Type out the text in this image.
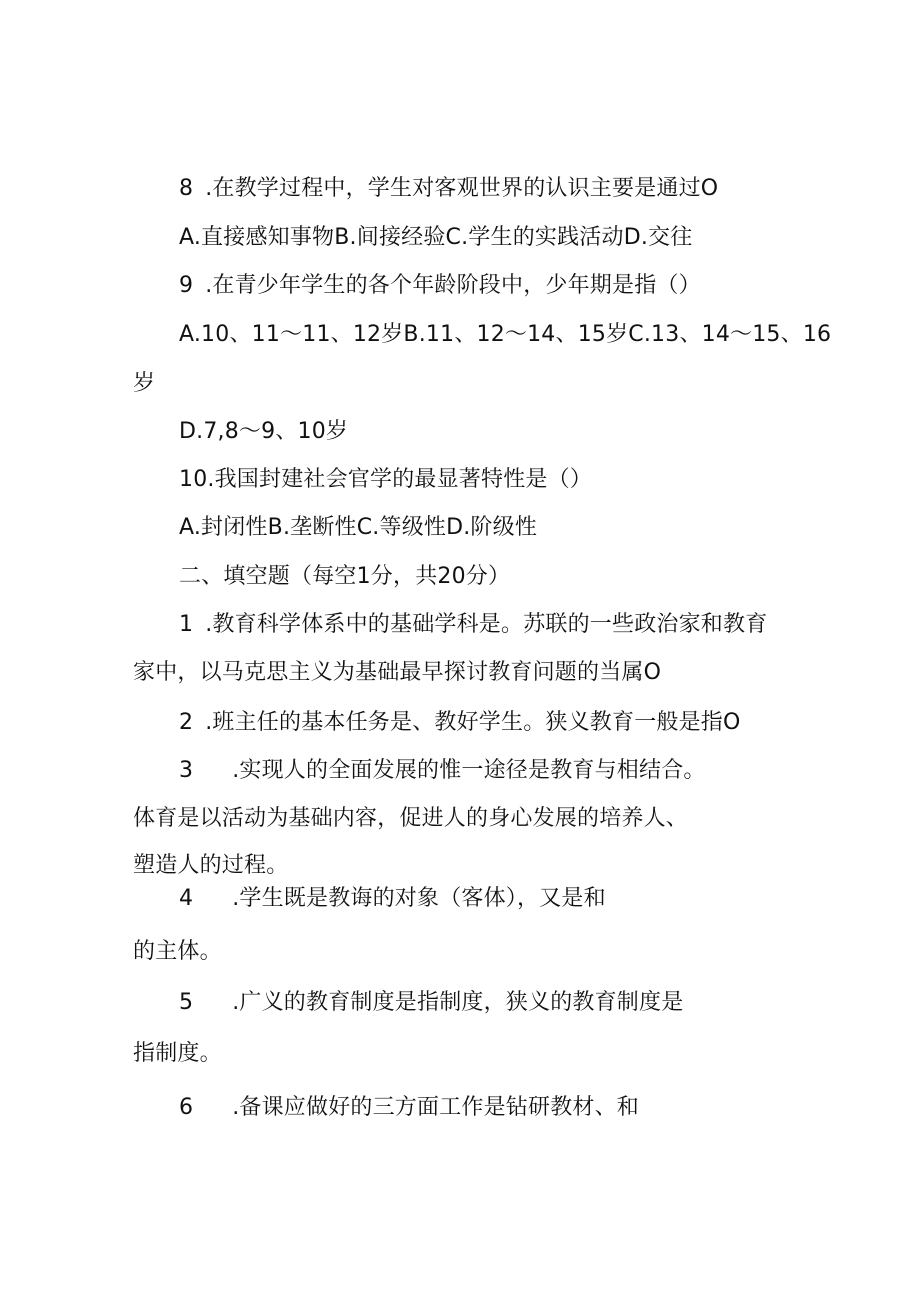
8 .在教学过程中，学生对客观世界的认识主要是通过O
A.直接感知事物B.间接经验C.学生的实践活动D.交往
9 .在青少年学生的各个年龄阶段中，少年期是指（）
A.10、11〜11、12岁B.11、12〜14、15岁C.13、14〜15、16
岁
D.7,8〜9、10岁
10.我国封建社会官学的最显著特性是（）
A.封闭性B.垄断性C.等级性D.阶级性
二、填空题（每空1分，共20分）
1 .教育科学体系中的基础学科是。苏联的一些政治家和教育
家中，以马克思主义为基础最早探讨教育问题的当属O
2 .班主任的基本任务是、教好学生。狭义教育一般是指O
3 .实现人的全面发展的惟一途径是教育与相结合。
体育是以活动为基础内容，促进人的身心发展的培养人、
塑造人的过程。
4 .学生既是教诲的对象（客体），又是和
的主体。
5 .广义的教育制度是指制度，狭义的教育制度是
指制度。
6 .备课应做好的三方面工作是钻研教材、和
